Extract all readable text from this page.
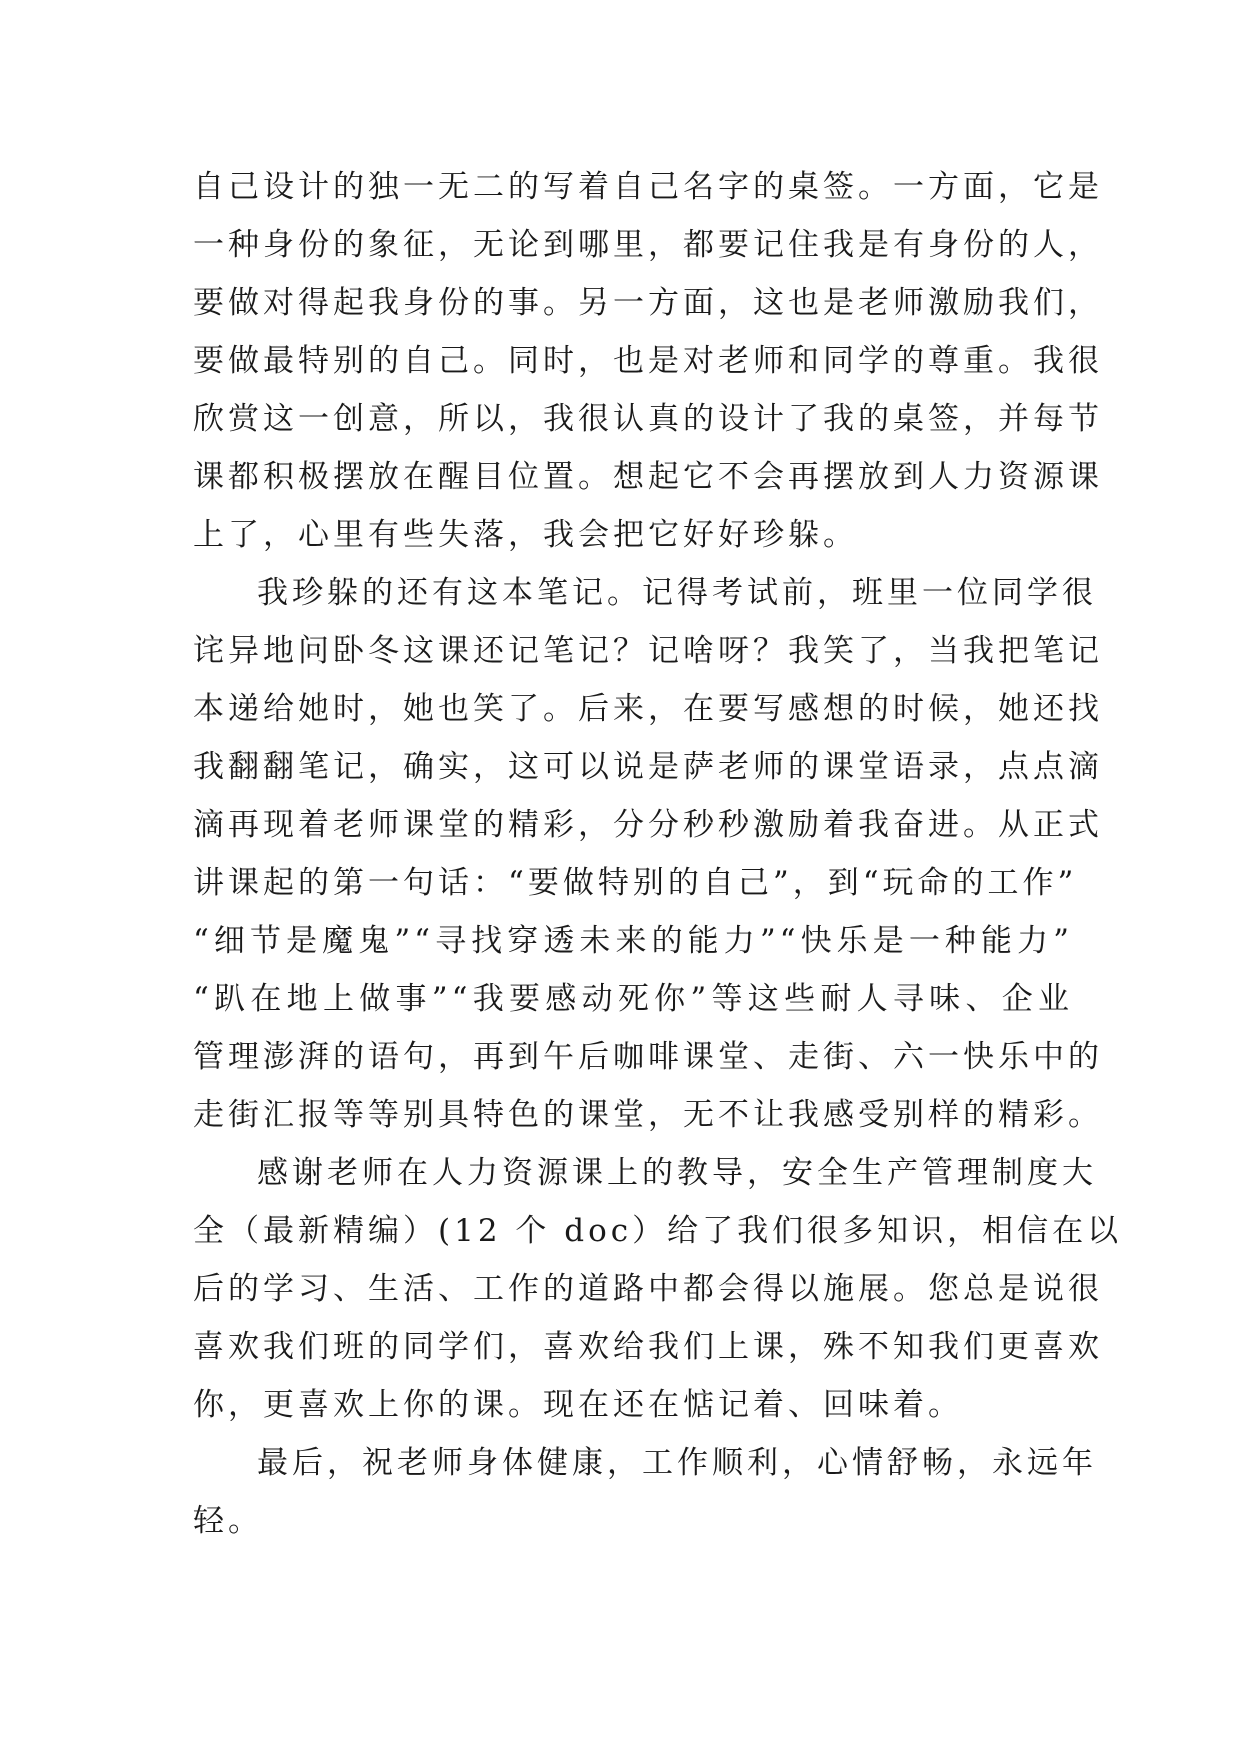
自己设计的独一无二的写着自己名字的桌签。一方面，它是
一种身份的象征，无论到哪里，都要记住我是有身份的人，
要做对得起我身份的事。另一方面，这也是老师激励我们，
要做最特别的自己。同时，也是对老师和同学的尊重。我很
欣赏这一创意，所以，我很认真的设计了我的桌签，并每节
课都积极摆放在醒目位置。想起它不会再摆放到人力资源课
上了，心里有些失落，我会把它好好珍躲。
我珍躲的还有这本笔记。记得考试前，班里一位同学很
诧异地问卧冬这课还记笔记？记啥呀？我笑了，当我把笔记
本递给她时，她也笑了。后来，在要写感想的时候，她还找
我翻翻笔记，确实，这可以说是萨老师的课堂语录，点点滴
滴再现着老师课堂的精彩，分分秒秒激励着我奋进。从正式
讲课起的第一句话：“要做特别的自己”，到“玩命的工作”
“细节是魔鬼”“寻找穿透未来的能力”“快乐是一种能力”
“趴在地上做事”“我要感动死你”等这些耐人寻味、企业
管理澎湃的语句，再到午后咖啡课堂、走街、六一快乐中的
走街汇报等等别具特色的课堂，无不让我感受别样的精彩。
感谢老师在人力资源课上的教导，安全生产管理制度大
全（最新精编）(12 个 doc）给了我们很多知识，相信在以
后的学习、生活、工作的道路中都会得以施展。您总是说很
喜欢我们班的同学们，喜欢给我们上课，殊不知我们更喜欢
你，更喜欢上你的课。现在还在惦记着、回味着。
最后，祝老师身体健康，工作顺利，心情舒畅，永远年
轻。
